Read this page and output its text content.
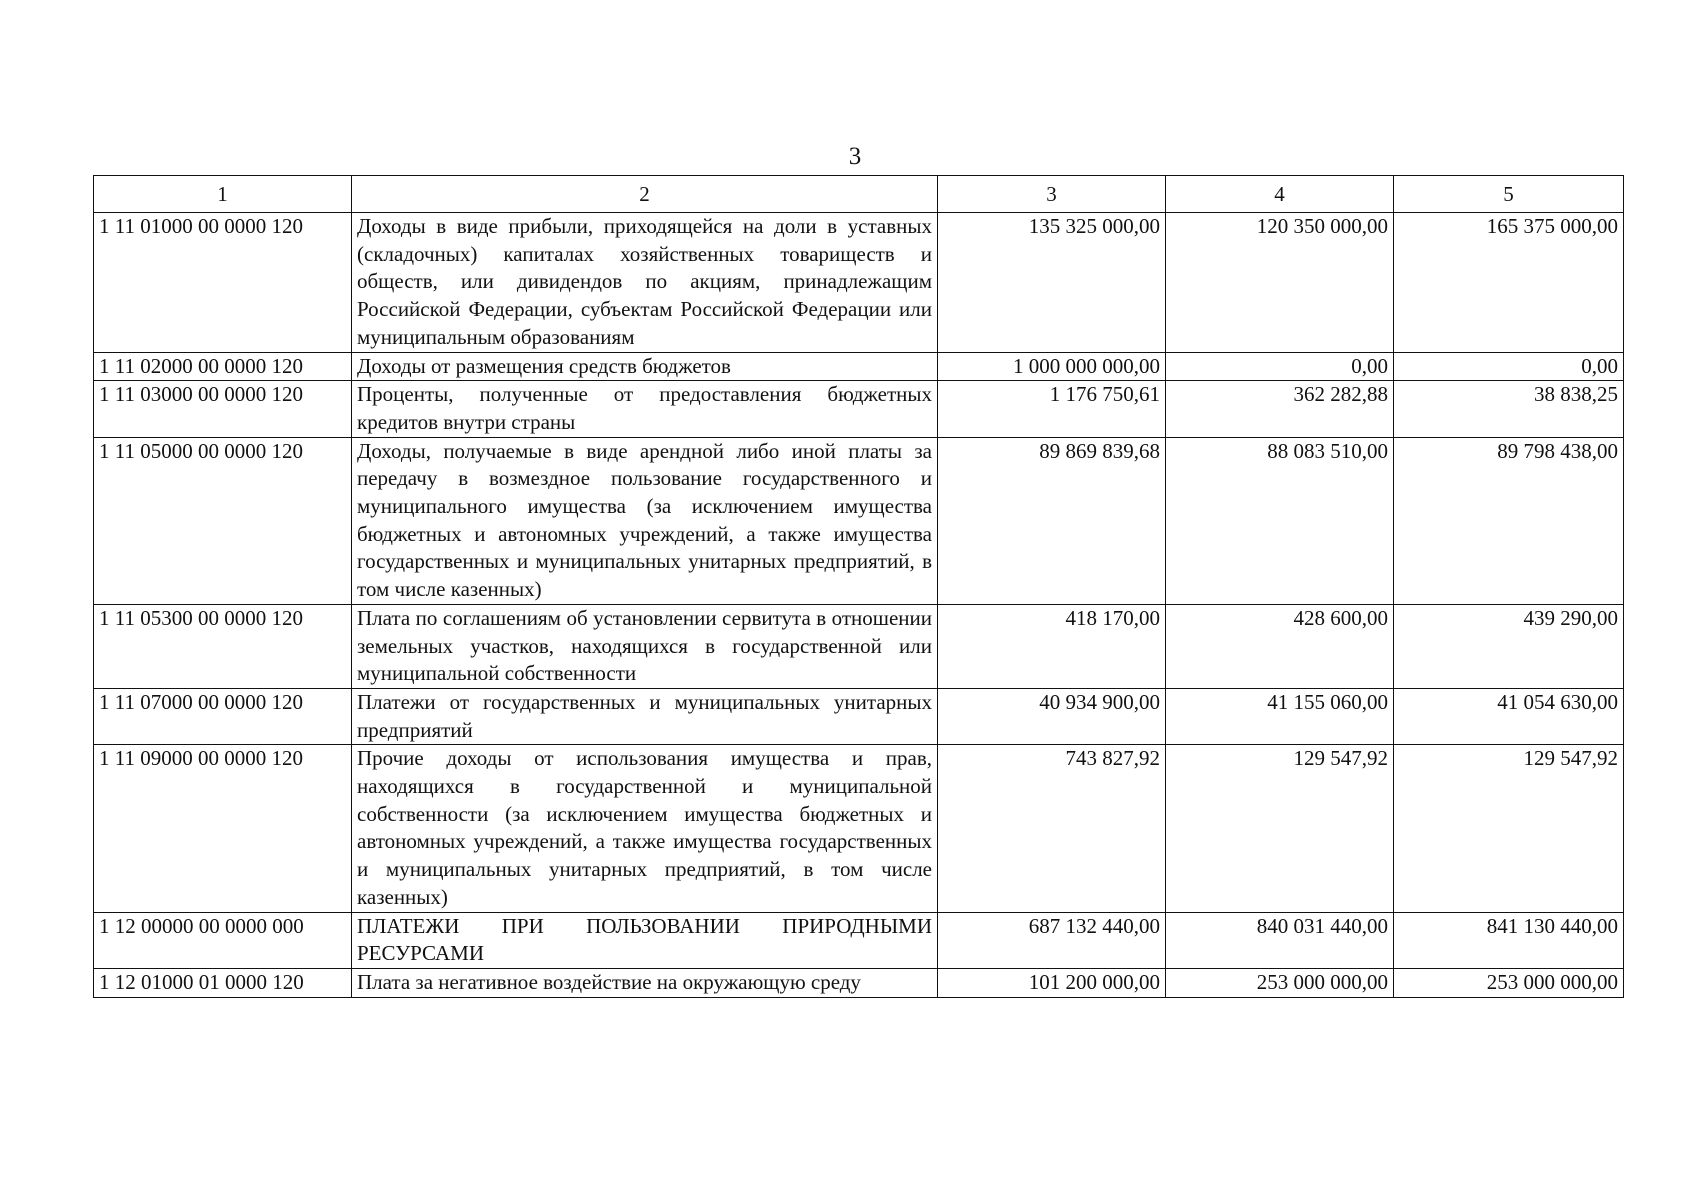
3
1	2	3	4	5
1 11 01000 00 0000 120	Доходы в виде прибыли, приходящейся на доли в уставных (складочных) капиталах хозяйственных товариществ и обществ, или дивидендов по акциям, принадлежащим Российской Федерации, субъектам Российской Федерации или муниципальным образованиям	135 325 000,00	120 350 000,00	165 375 000,00
1 11 02000 00 0000 120	Доходы от размещения средств бюджетов	1 000 000 000,00	0,00	0,00
1 11 03000 00 0000 120	Проценты, полученные от предоставления бюджетных кредитов внутри страны	1 176 750,61	362 282,88	38 838,25
1 11 05000 00 0000 120	Доходы, получаемые в виде арендной либо иной платы за передачу в возмездное пользование государственного и муниципального имущества (за исключением имущества бюджетных и автономных учреждений, а также имущества государственных и муниципальных унитарных предприятий, в том числе казенных)	89 869 839,68	88 083 510,00	89 798 438,00
1 11 05300 00 0000 120	Плата по соглашениям об установлении сервитута в отношении земельных участков, находящихся в государственной или муниципальной собственности	418 170,00	428 600,00	439 290,00
1 11 07000 00 0000 120	Платежи от государственных и муниципальных унитарных предприятий	40 934 900,00	41 155 060,00	41 054 630,00
1 11 09000 00 0000 120	Прочие доходы от использования имущества и прав, находящихся в государственной и муниципальной собственности (за исключением имущества бюджетных и автономных учреждений, а также имущества государственных и муниципальных унитарных предприятий, в том числе казенных)	743 827,92	129 547,92	129 547,92
1 12 00000 00 0000 000	ПЛАТЕЖИ ПРИ ПОЛЬЗОВАНИИ ПРИРОДНЫМИ РЕСУРСАМИ	687 132 440,00	840 031 440,00	841 130 440,00
1 12 01000 01 0000 120	Плата за негативное воздействие на окружающую среду	101 200 000,00	253 000 000,00	253 000 000,00
